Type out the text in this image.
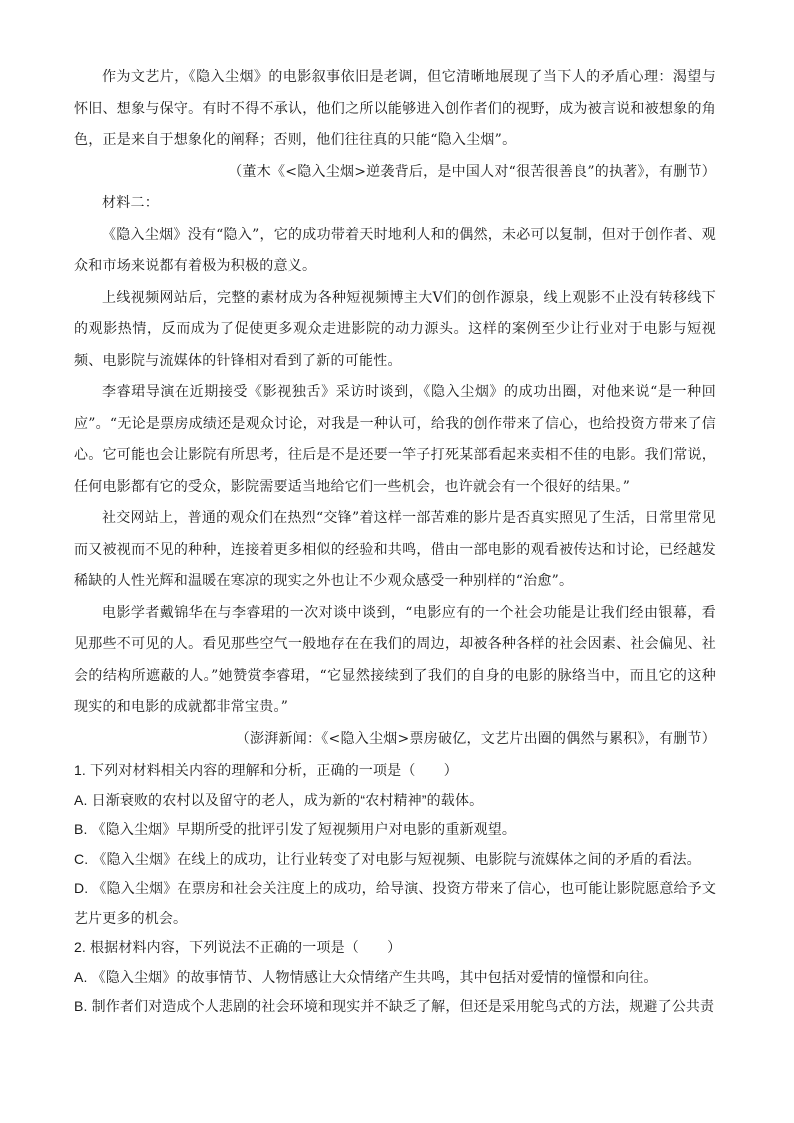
作为文艺片，《隐入尘烟》的电影叙事依旧是老调，但它清晰地展现了当下人的矛盾心理：渴望与怀旧、想象与保守。有时不得不承认，他们之所以能够进入创作者们的视野，成为被言说和被想象的角色，正是来自于想象化的阐释；否则，他们往往真的只能“隐入尘烟”。

（董木《<隐入尘烟>逆袭背后，是中国人对“很苦很善良”的执著》，有删节）

材料二：

《隐入尘烟》没有“隐入”，它的成功带着天时地利人和的偶然，未必可以复制，但对于创作者、观众和市场来说都有着极为积极的意义。

上线视频网站后，完整的素材成为各种短视频博主大V们的创作源泉，线上观影不止没有转移线下的观影热情，反而成为了促使更多观众走进影院的动力源头。这样的案例至少让行业对于电影与短视频、电影院与流媒体的针锋相对看到了新的可能性。

李睿珺导演在近期接受《影视独舌》采访时谈到，《隐入尘烟》的成功出圈，对他来说“是一种回应”。“无论是票房成绩还是观众讨论，对我是一种认可，给我的创作带来了信心，也给投资方带来了信心。它可能也会让影院有所思考，往后是不是还要一竿子打死某部看起来卖相不佳的电影。我们常说，任何电影都有它的受众，影院需要适当地给它们一些机会，也许就会有一个很好的结果。”

社交网站上，普通的观众们在热烈“交锋”着这样一部苦难的影片是否真实照见了生活，日常里常见而又被视而不见的种种，连接着更多相似的经验和共鸣，借由一部电影的观看被传达和讨论，已经越发稀缺的人性光辉和温暖在寒凉的现实之外也让不少观众感受一种别样的“治愈”。

电影学者戴锦华在与李睿珺的一次对谈中谈到，“电影应有的一个社会功能是让我们经由银幕，看见那些不可见的人。看见那些空气一般地存在在我们的周边，却被各种各样的社会因素、社会偏见、社会的结构所遮蔽的人。”她赞赏李睿珺，“它显然接续到了我们的自身的电影的脉络当中，而且它的这种现实的和电影的成就都非常宝贵。”

（澎湃新闻：《<隐入尘烟>票房破亿，文艺片出圈的偶然与累积》，有删节）

1. 下列对材料相关内容的理解和分析，正确的一项是（　　）

A. 日渐衰败的农村以及留守的老人，成为新的“农村精神”的载体。

B. 《隐入尘烟》早期所受的批评引发了短视频用户对电影的重新观望。

C. 《隐入尘烟》在线上的成功，让行业转变了对电影与短视频、电影院与流媒体之间的矛盾的看法。

D. 《隐入尘烟》在票房和社会关注度上的成功，给导演、投资方带来了信心，也可能让影院愿意给予文艺片更多的机会。

2. 根据材料内容，下列说法不正确的一项是（　　）

A. 《隐入尘烟》的故事情节、人物情感让大众情绪产生共鸣，其中包括对爱情的憧憬和向往。

B. 制作者们对造成个人悲剧的社会环境和现实并不缺乏了解，但还是采用鸵鸟式的方法，规避了公共责
